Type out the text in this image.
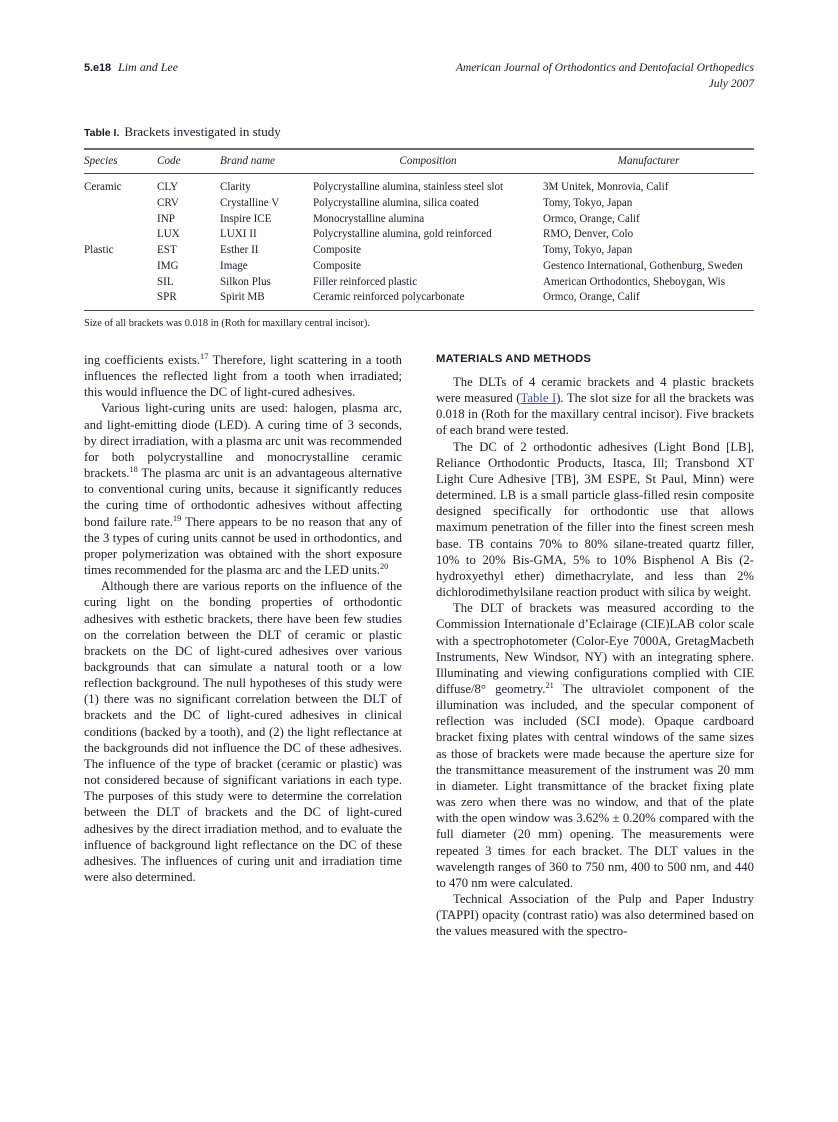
5.e18 Lim and Lee	American Journal of Orthodontics and Dentofacial Orthopedics
July 2007
Table I. Brackets investigated in study
Species	Code	Brand name	Composition	Manufacturer
Ceramic	CLY	Clarity	Polycrystalline alumina, stainless steel slot	3M Unitek, Monrovia, Calif
	CRV	Crystalline V	Polycrystalline alumina, silica coated	Tomy, Tokyo, Japan
	INP	Inspire ICE	Monocrystalline alumina	Ormco, Orange, Calif
	LUX	LUXI II	Polycrystalline alumina, gold reinforced	RMO, Denver, Colo
Plastic	EST	Esther II	Composite	Tomy, Tokyo, Japan
	IMG	Image	Composite	Gestenco International, Gothenburg, Sweden
	SIL	Silkon Plus	Filler reinforced plastic	American Orthodontics, Sheboygan, Wis
	SPR	Spirit MB	Ceramic reinforced polycarbonate	Ormco, Orange, Calif
Size of all brackets was 0.018 in (Roth for maxillary central incisor).

ing coefficients exists.$^{17}$ Therefore, light scattering in a tooth influences the reflected light from a tooth when irradiated; this would influence the DC of light-cured adhesives.

Various light-curing units are used: halogen, plasma arc, and light-emitting diode (LED). A curing time of 3 seconds, by direct irradiation, with a plasma arc unit was recommended for both polycrystalline and monocrystalline ceramic brackets.$^{18}$ The plasma arc unit is an advantageous alternative to conventional curing units, because it significantly reduces the curing time of orthodontic adhesives without affecting bond failure rate.$^{19}$ There appears to be no reason that any of the 3 types of curing units cannot be used in orthodontics, and proper polymerization was obtained with the short exposure times recommended for the plasma arc and the LED units.$^{20}$

Although there are various reports on the influence of the curing light on the bonding properties of orthodontic adhesives with esthetic brackets, there have been few studies on the correlation between the DLT of ceramic or plastic brackets on the DC of light-cured adhesives over various backgrounds that can simulate a natural tooth or a low reflection background. The null hypotheses of this study were (1) there was no significant correlation between the DLT of brackets and the DC of light-cured adhesives in clinical conditions (backed by a tooth), and (2) the light reflectance at the backgrounds did not influence the DC of these adhesives. The influence of the type of bracket (ceramic or plastic) was not considered because of significant variations in each type. The purposes of this study were to determine the correlation between the DLT of brackets and the DC of light-cured adhesives by the direct irradiation method, and to evaluate the influence of background light reflectance on the DC of these adhesives. The influences of curing unit and irradiation time were also determined.

MATERIALS AND METHODS

The DLTs of 4 ceramic brackets and 4 plastic brackets were measured (Table I). The slot size for all the brackets was 0.018 in (Roth for the maxillary central incisor). Five brackets of each brand were tested.

The DC of 2 orthodontic adhesives (Light Bond [LB], Reliance Orthodontic Products, Itasca, Ill; Transbond XT Light Cure Adhesive [TB], 3M ESPE, St Paul, Minn) were determined. LB is a small particle glass-filled resin composite designed specifically for orthodontic use that allows maximum penetration of the filler into the finest screen mesh base. TB contains 70% to 80% silane-treated quartz filler, 10% to 20% Bis-GMA, 5% to 10% Bisphenol A Bis (2-hydroxyethyl ether) dimethacrylate, and less than 2% dichlorodimethylsilane reaction product with silica by weight.

The DLT of brackets was measured according to the Commission Internationale d’Eclairage (CIE)LAB color scale with a spectrophotometer (Color-Eye 7000A, GretagMacbeth Instruments, New Windsor, NY) with an integrating sphere. Illuminating and viewing configurations complied with CIE diffuse/8° geometry.$^{21}$ The ultraviolet component of the illumination was included, and the specular component of reflection was included (SCI mode). Opaque cardboard bracket fixing plates with central windows of the same sizes as those of brackets were made because the aperture size for the transmittance measurement of the instrument was 20 mm in diameter. Light transmittance of the bracket fixing plate was zero when there was no window, and that of the plate with the open window was 3.62% ± 0.20% compared with the full diameter (20 mm) opening. The measurements were repeated 3 times for each bracket. The DLT values in the wavelength ranges of 360 to 750 nm, 400 to 500 nm, and 440 to 470 nm were calculated.

Technical Association of the Pulp and Paper Industry (TAPPI) opacity (contrast ratio) was also determined based on the values measured with the spectro-
